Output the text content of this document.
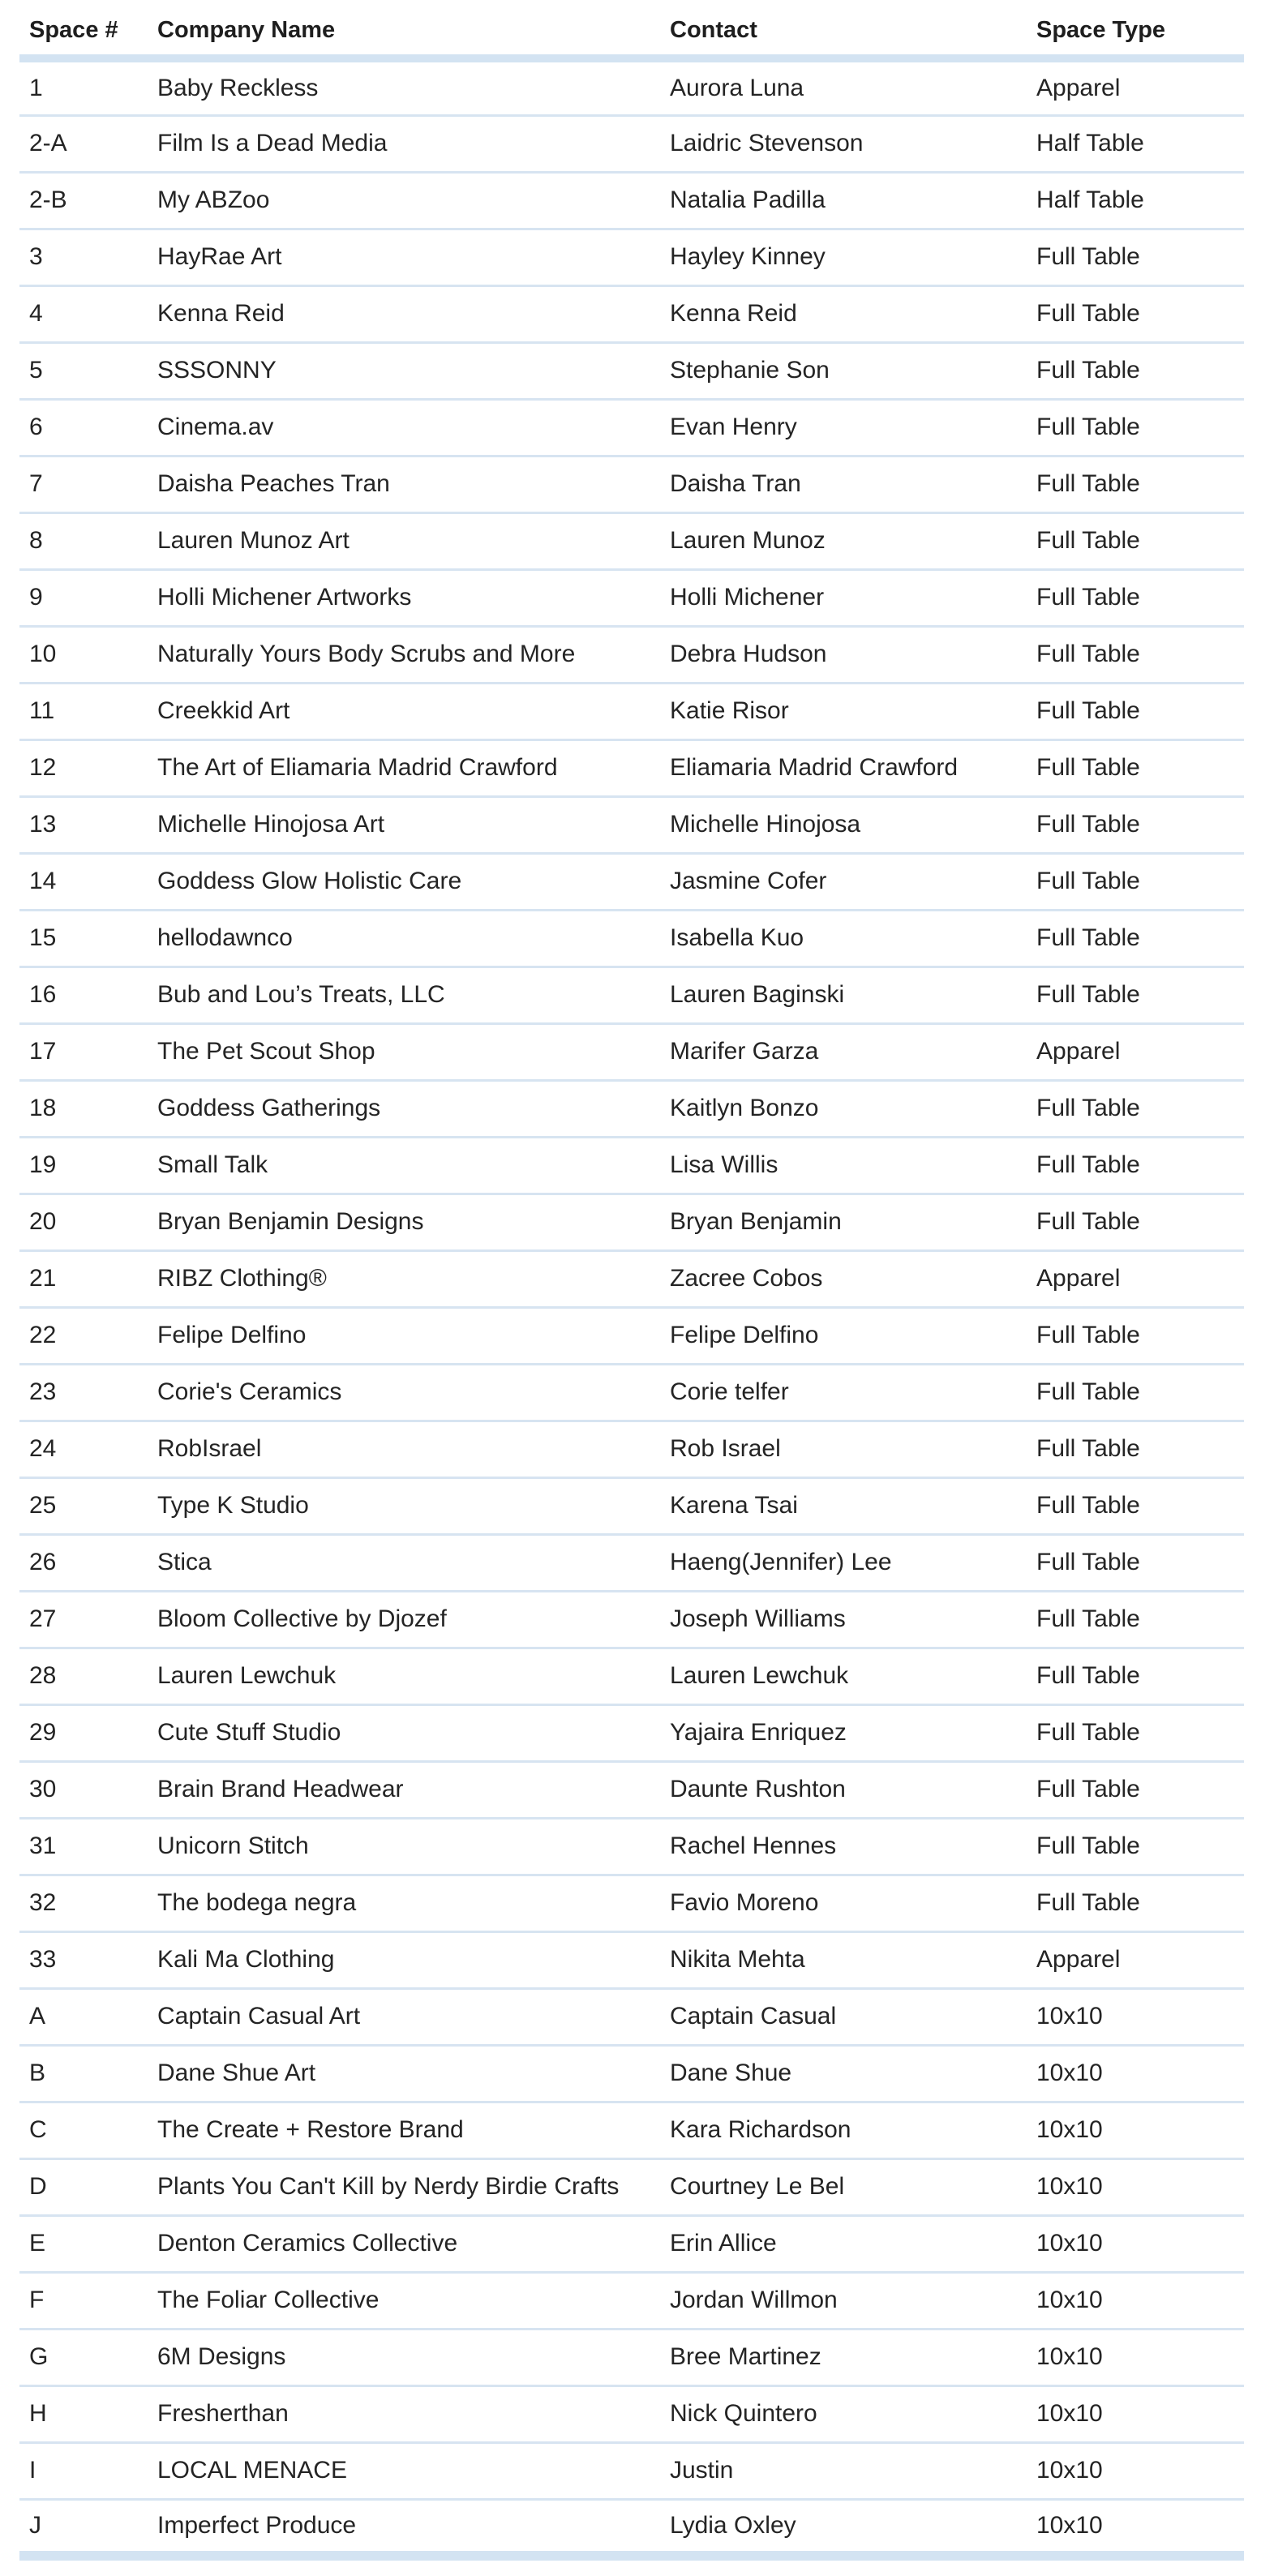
Space #	Company Name	Contact	Space Type
1	Baby Reckless	Aurora Luna	Apparel
2-A	Film Is a Dead Media	Laidric Stevenson	Half Table
2-B	My ABZoo	Natalia Padilla	Half Table
3	HayRae Art	Hayley Kinney	Full Table
4	Kenna Reid	Kenna Reid	Full Table
5	SSSONNY	Stephanie Son	Full Table
6	Cinema.av	Evan Henry	Full Table
7	Daisha Peaches Tran	Daisha Tran	Full Table
8	Lauren Munoz Art	Lauren Munoz	Full Table
9	Holli Michener Artworks	Holli Michener	Full Table
10	Naturally Yours Body Scrubs and More	Debra Hudson	Full Table
11	Creekkid Art	Katie Risor	Full Table
12	The Art of Eliamaria Madrid Crawford	Eliamaria Madrid Crawford	Full Table
13	Michelle Hinojosa Art	Michelle Hinojosa	Full Table
14	Goddess Glow Holistic Care	Jasmine Cofer	Full Table
15	hellodawnco	Isabella Kuo	Full Table
16	Bub and Lou’s Treats, LLC	Lauren Baginski	Full Table
17	The Pet Scout Shop	Marifer Garza	Apparel
18	Goddess Gatherings	Kaitlyn Bonzo	Full Table
19	Small Talk	Lisa Willis	Full Table
20	Bryan Benjamin Designs	Bryan Benjamin	Full Table
21	RIBZ Clothing®	Zacree Cobos	Apparel
22	Felipe Delfino	Felipe Delfino	Full Table
23	Corie's Ceramics	Corie telfer	Full Table
24	RobIsrael	Rob Israel	Full Table
25	Type K Studio	Karena Tsai	Full Table
26	Stica	Haeng(Jennifer) Lee	Full Table
27	Bloom Collective by Djozef	Joseph Williams	Full Table
28	Lauren Lewchuk	Lauren Lewchuk	Full Table
29	Cute Stuff Studio	Yajaira Enriquez	Full Table
30	Brain Brand Headwear	Daunte Rushton	Full Table
31	Unicorn Stitch	Rachel Hennes	Full Table
32	The bodega negra	Favio Moreno	Full Table
33	Kali Ma Clothing	Nikita Mehta	Apparel
A	Captain Casual Art	Captain Casual	10x10
B	Dane Shue Art	Dane Shue	10x10
C	The Create + Restore Brand	Kara Richardson	10x10
D	Plants You Can't Kill by Nerdy Birdie Crafts	Courtney Le Bel	10x10
E	Denton Ceramics Collective	Erin Allice	10x10
F	The Foliar Collective	Jordan Willmon	10x10
G	6M Designs	Bree Martinez	10x10
H	Fresherthan	Nick Quintero	10x10
I	LOCAL MENACE	Justin	10x10
J	Imperfect Produce	Lydia Oxley	10x10
